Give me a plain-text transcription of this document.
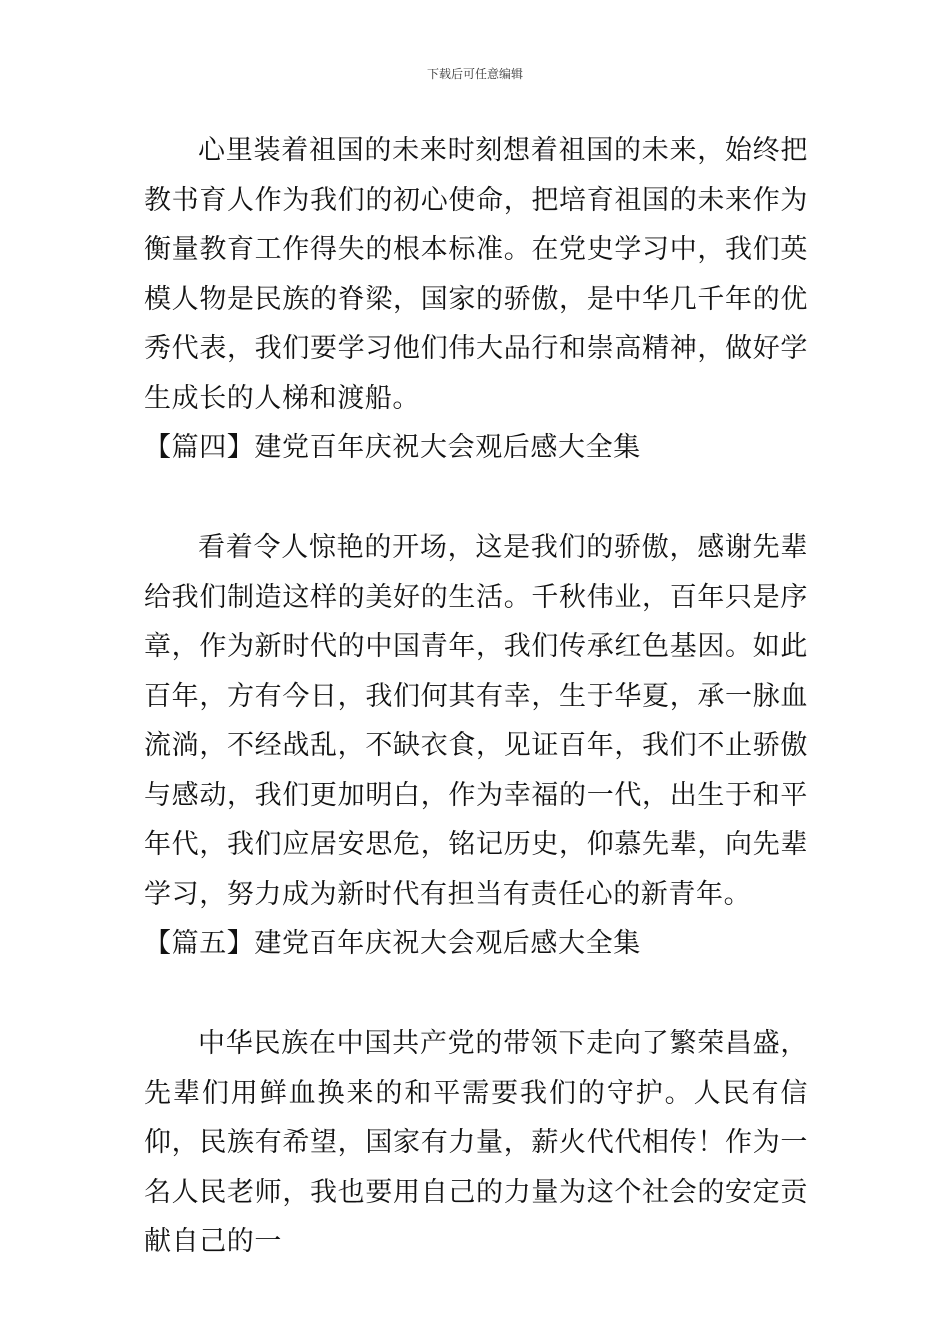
下载后可任意编辑

心里装着祖国的未来时刻想着祖国的未来，始终把教书育人作为我们的初心使命，把培育祖国的未来作为衡量教育工作得失的根本标准。在党史学习中，我们英模人物是民族的脊梁，国家的骄傲，是中华几千年的优秀代表，我们要学习他们伟大品行和崇高精神，做好学生成长的人梯和渡船。

【篇四】建党百年庆祝大会观后感大全集

看着令人惊艳的开场，这是我们的骄傲，感谢先辈给我们制造这样的美好的生活。千秋伟业，百年只是序章，作为新时代的中国青年，我们传承红色基因。如此百年，方有今日，我们何其有幸，生于华夏，承一脉血流淌，不经战乱，不缺衣食，见证百年，我们不止骄傲与感动，我们更加明白，作为幸福的一代，出生于和平年代，我们应居安思危，铭记历史，仰慕先辈，向先辈学习，努力成为新时代有担当有责任心的新青年。

【篇五】建党百年庆祝大会观后感大全集

中华民族在中国共产党的带领下走向了繁荣昌盛，先辈们用鲜血换来的和平需要我们的守护。人民有信仰，民族有希望，国家有力量，薪火代代相传！作为一名人民老师，我也要用自己的力量为这个社会的安定贡献自己的一
